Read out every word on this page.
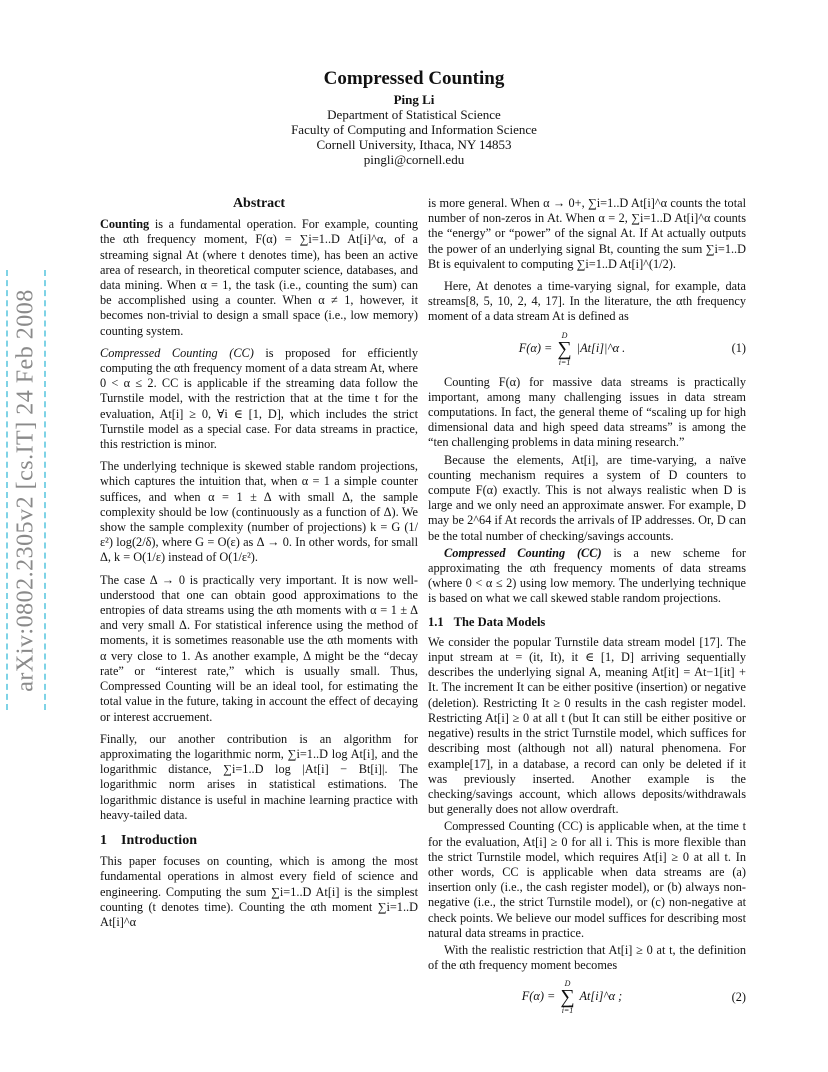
arXiv:0802.2305v2 [cs.IT] 24 Feb 2008
Compressed Counting
Ping Li
Department of Statistical Science
Faculty of Computing and Information Science
Cornell University, Ithaca, NY 14853
pingli@cornell.edu
Abstract

Counting is a fundamental operation. For example, counting the αth frequency moment, F(α) = ∑i=1..D At[i]^α, of a streaming signal At (where t denotes time), has been an active area of research, in theoretical computer science, databases, and data mining. When α = 1, the task (i.e., counting the sum) can be accomplished using a counter. When α ≠ 1, however, it becomes non-trivial to design a small space (i.e., low memory) counting system.

Compressed Counting (CC) is proposed for efficiently computing the αth frequency moment of a data stream At, where 0 < α ≤ 2. CC is applicable if the streaming data follow the Turnstile model, with the restriction that at the time t for the evaluation, At[i] ≥ 0, ∀i ∈ [1, D], which includes the strict Turnstile model as a special case. For data streams in practice, this restriction is minor.

The underlying technique is skewed stable random projections, which captures the intuition that, when α = 1 a simple counter suffices, and when α = 1 ± Δ with small Δ, the sample complexity should be low (continuously as a function of Δ). We show the sample complexity (number of projections) k = G (1/ε²) log(2/δ), where G = O(ε) as Δ → 0. In other words, for small Δ, k = O(1/ε) instead of O(1/ε²).

The case Δ → 0 is practically very important. It is now well-understood that one can obtain good approximations to the entropies of data streams using the αth moments with α = 1 ± Δ and very small Δ. For statistical inference using the method of moments, it is sometimes reasonable use the αth moments with α very close to 1. As another example, Δ might be the “decay rate” or “interest rate,” which is usually small. Thus, Compressed Counting will be an ideal tool, for estimating the total value in the future, taking in account the effect of decaying or interest accruement.

Finally, our another contribution is an algorithm for approximating the logarithmic norm, ∑i=1..D log At[i], and the logarithmic distance, ∑i=1..D log |At[i] − Bt[i]|. The logarithmic norm arises in statistical estimations. The logarithmic distance is useful in machine learning practice with heavy-tailed data.

1 Introduction

This paper focuses on counting, which is among the most fundamental operations in almost every field of science and engineering. Computing the sum ∑i=1..D At[i] is the simplest counting (t denotes time). Counting the αth moment ∑i=1..D At[i]^α

is more general. When α → 0+, ∑i=1..D At[i]^α counts the total number of non-zeros in At. When α = 2, ∑i=1..D At[i]^α counts the “energy” or “power” of the signal At. If At actually outputs the power of an underlying signal Bt, counting the sum ∑i=1..D Bt is equivalent to computing ∑i=1..D At[i]^(1/2).

Here, At denotes a time-varying signal, for example, data streams[8, 5, 10, 2, 4, 17]. In the literature, the αth frequency moment of a data stream At is defined as

F(α) =
D
∑
i=1
|At[i]|^α .	(1)

Counting F(α) for massive data streams is practically important, among many challenging issues in data stream computations. In fact, the general theme of “scaling up for high dimensional data and high speed data streams” is among the “ten challenging problems in data mining research.”

Because the elements, At[i], are time-varying, a naïve counting mechanism requires a system of D counters to compute F(α) exactly. This is not always realistic when D is large and we only need an approximate answer. For example, D may be 2^64 if At records the arrivals of IP addresses. Or, D can be the total number of checking/savings accounts.

Compressed Counting (CC) is a new scheme for approximating the αth frequency moments of data streams (where 0 < α ≤ 2) using low memory. The underlying technique is based on what we call skewed stable random projections.

1.1 The Data Models

We consider the popular Turnstile data stream model [17]. The input stream at = (it, It), it ∈ [1, D] arriving sequentially describes the underlying signal A, meaning At[it] = At−1[it] + It. The increment It can be either positive (insertion) or negative (deletion). Restricting It ≥ 0 results in the cash register model. Restricting At[i] ≥ 0 at all t (but It can still be either positive or negative) results in the strict Turnstile model, which suffices for describing most (although not all) natural phenomena. For example[17], in a database, a record can only be deleted if it was previously inserted. Another example is the checking/savings account, which allows deposits/withdrawals but generally does not allow overdraft.

Compressed Counting (CC) is applicable when, at the time t for the evaluation, At[i] ≥ 0 for all i. This is more flexible than the strict Turnstile model, which requires At[i] ≥ 0 at all t. In other words, CC is applicable when data streams are (a) insertion only (i.e., the cash register model), or (b) always non-negative (i.e., the strict Turnstile model), or (c) non-negative at check points. We believe our model suffices for describing most natural data streams in practice.

With the realistic restriction that At[i] ≥ 0 at t, the definition of the αth frequency moment becomes

F(α) =
D
∑
i=1
At[i]^α ;	(2)
